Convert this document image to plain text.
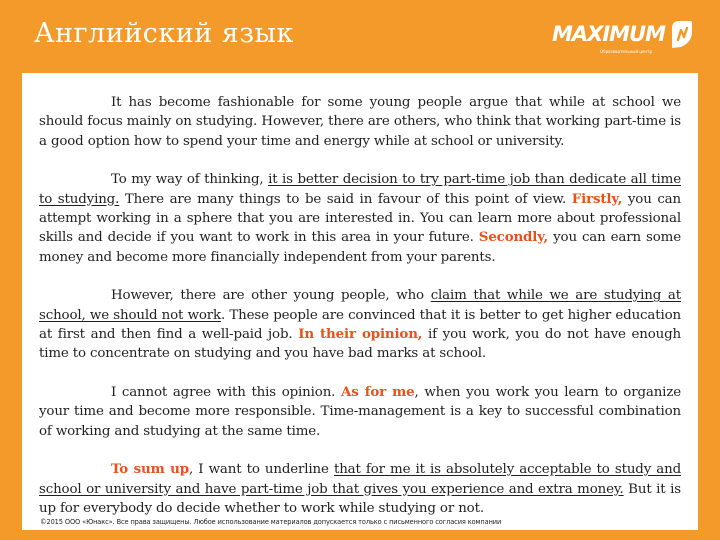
Английский язык	MAXIMUM
Образовательный центр

It has become fashionable for some young people argue that while at school we should focus mainly on studying. However, there are others, who think that working part-time is a good option how to spend your time and energy while at school or university.

To my way of thinking, it is better decision to try part-time job than dedicate all time to studying. There are many things to be said in favour of this point of view. Firstly, you can attempt working in a sphere that you are interested in. You can learn more about professional skills and decide if you want to work in this area in your future. Secondly, you can earn some money and become more financially independent from your parents.

However, there are other young people, who claim that while we are studying at school, we should not work. These people are convinced that it is better to get higher education at first and then find a well-paid job. In their opinion, if you work, you do not have enough time to concentrate on studying and you have bad marks at school.

I cannot agree with this opinion. As for me, when you work you learn to organize your time and become more responsible. Time-management is a key to successful combination of working and studying at the same time.

To sum up, I want to underline that for me it is absolutely acceptable to study and school or university and have part-time job that gives you experience and extra money. But it is up for everybody do decide whether to work while studying or not.

©2015 ООО «Юнакс». Все права защищены. Любое использование материалов допускается только с письменного согласия компании
